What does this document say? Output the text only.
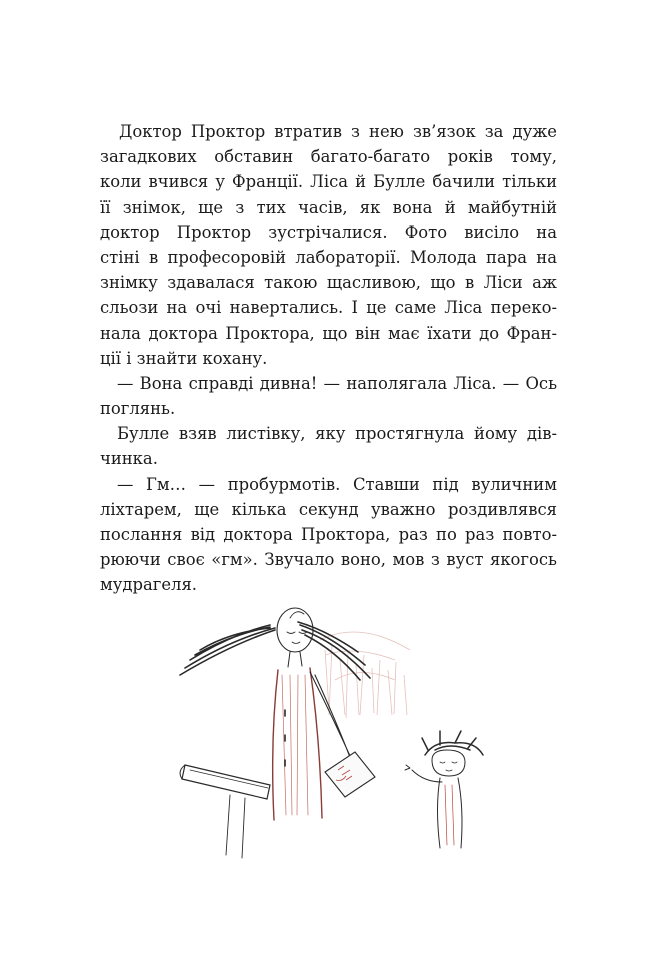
Доктор Проктор втратив з нею зв’язок за дуже
загадкових обставин багато-багато років тому,
коли вчився у Франції. Ліса й Булле бачили тільки
її знімок, ще з тих часів, як вона й майбутній
доктор Проктор зустрічалися. Фото висіло на
стіні в професоровій лабораторії. Молода пара на
знімку здавалася такою щасливою, що в Ліси аж
сльози на очі навертались. І це саме Ліса переко-
нала доктора Проктора, що він має їхати до Фран-
ції і знайти кохану.
— Вона справді дивна! — наполягала Ліса. — Ось
поглянь.
Булле взяв листівку, яку простягнула йому дів-
чинка.
— Гм… — пробурмотів. Ставши під вуличним
ліхтарем, ще кілька секунд уважно роздивлявся
послання від доктора Проктора, раз по раз повто-
рюючи своє «гм». Звучало воно, мов з вуст якогось
мудрагеля.
